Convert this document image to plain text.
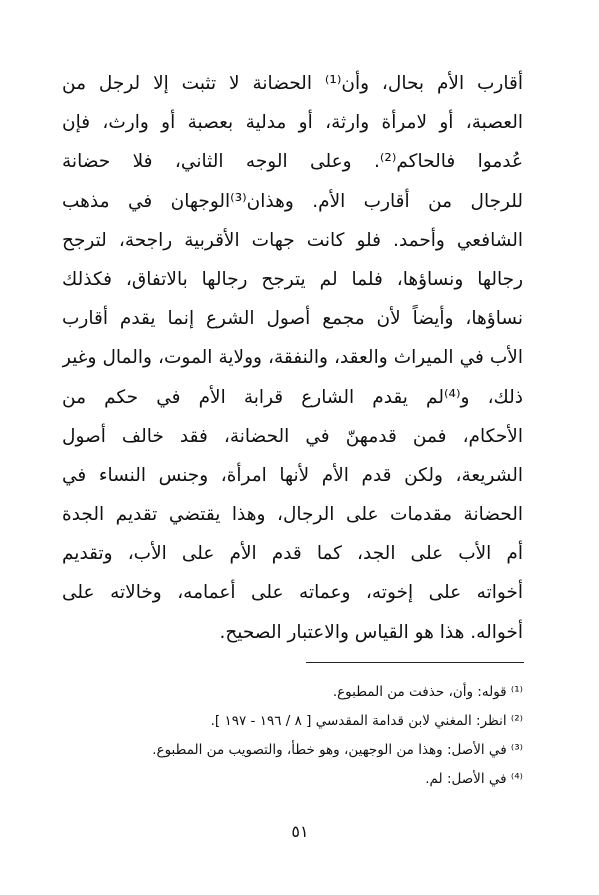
أقارب الأم بحال، وأن⁽¹⁾ الحضانة لا تثبت إلا لرجل من
العصبة، أو لامرأة وارثة، أو مدلية بعصبة أو وارث، فإن
عُدموا فالحاكم⁽²⁾. وعلى الوجه الثاني، فلا حضانة
للرجال من أقارب الأم. وهذان⁽³⁾الوجهان في مذهب
الشافعي وأحمد. فلو كانت جهات الأقربية راجحة، لترجح
رجالها ونساؤها، فلما لم يترجح رجالها بالاتفاق، فكذلك
نساؤها، وأيضاً لأن مجمع أصول الشرع إنما يقدم أقارب
الأب في الميراث والعقد، والنفقة، وولاية الموت، والمال وغير
ذلك، و⁽⁴⁾لم يقدم الشارع قرابة الأم في حكم من
الأحكام، فمن قدمهنّ في الحضانة، فقد خالف أصول
الشريعة، ولكن قدم الأم لأنها امرأة، وجنس النساء في
الحضانة مقدمات على الرجال، وهذا يقتضي تقديم الجدة
أم الأب على الجد، كما قدم الأم على الأب، وتقديم
أخواته على إخوته، وعماته على أعمامه، وخالاته على
أخواله. هذا هو القياس والاعتبار الصحيح.
⁽¹⁾ قوله: وأن، حذفت من المطبوع.
⁽²⁾ انظر: المغني لابن قدامة المقدسي [ ٨ / ١٩٦ - ١٩٧ ].
⁽³⁾ في الأصل: وهذا من الوجهين، وهو خطأ، والتصويب من المطبوع.
⁽⁴⁾ في الأصل: لم.
٥١
